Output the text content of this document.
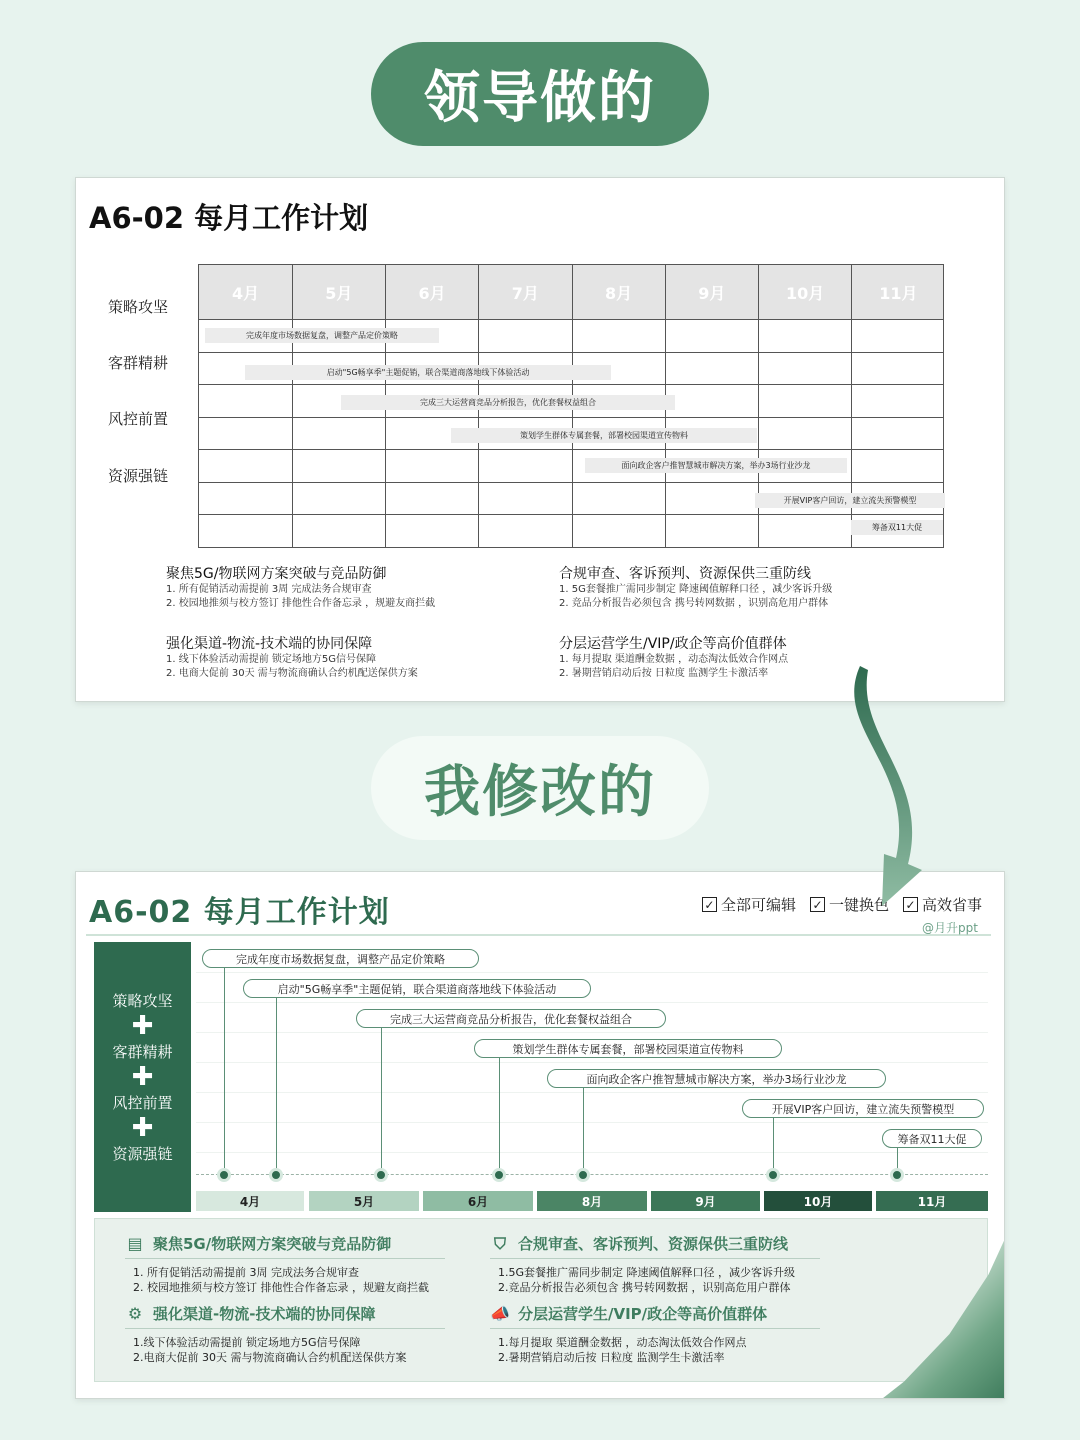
领导做的
A6-02 每月工作计划
策略攻坚
客群精耕
风控前置
资源强链
4月	5月	6月	7月	8月	9月	10月	11月
完成年度市场数据复盘，调整产品定价策略
启动"5G畅享季"主题促销，联合渠道商落地线下体验活动
完成三大运营商竞品分析报告，优化套餐权益组合
策划学生群体专属套餐，部署校园渠道宣传物料
面向政企客户推智慧城市解决方案，举办3场行业沙龙
开展VIP客户回访，建立流失预警模型
筹备双11大促
聚焦5G/物联网方案突破与竞品防御
1. 所有促销活动需提前 3周 完成法务合规审查
2. 校园地推须与校方签订 排他性合作备忘录 ，规避友商拦截
合规审查、客诉预判、资源保供三重防线
1. 5G套餐推广需同步制定 降速阈值解释口径 ，减少客诉升级
2. 竞品分析报告必须包含 携号转网数据 ，识别高危用户群体
强化渠道-物流-技术端的协同保障
1. 线下体验活动需提前 锁定场地方5G信号保障
2. 电商大促前 30天 需与物流商确认合约机配送保供方案
分层运营学生/VIP/政企等高价值群体
1. 每月提取 渠道酬金数据 ，动态淘汰低效合作网点
2. 暑期营销启动后按 日粒度 监测学生卡激活率
我修改的
A6-02 每月工作计划	✓ 全部可编辑 ✓ 一键换色 ✓ 高效省事
@月升ppt
策略攻坚
✚
客群精耕
✚
风控前置
✚
资源强链
完成年度市场数据复盘，调整产品定价策略
启动"5G畅享季"主题促销，联合渠道商落地线下体验活动
完成三大运营商竞品分析报告，优化套餐权益组合
策划学生群体专属套餐，部署校园渠道宣传物料
面向政企客户推智慧城市解决方案，举办3场行业沙龙
开展VIP客户回访，建立流失预警模型
筹备双11大促
4月	5月	6月	8月	9月	10月	11月
▤ 聚焦5G/物联网方案突破与竞品防御
1. 所有促销活动需提前 3周 完成法务合规审查
2. 校园地推须与校方签订 排他性合作备忘录 ，规避友商拦截
⛉ 合规审查、客诉预判、资源保供三重防线
1.5G套餐推广需同步制定 降速阈值解释口径 ，减少客诉升级
2.竞品分析报告必须包含 携号转网数据 ，识别高危用户群体
⚙ 强化渠道-物流-技术端的协同保障
1.线下体验活动需提前 锁定场地方5G信号保障
2.电商大促前 30天 需与物流商确认合约机配送保供方案
📣 分层运营学生/VIP/政企等高价值群体
1.每月提取 渠道酬金数据 ，动态淘汰低效合作网点
2.暑期营销启动后按 日粒度 监测学生卡激活率
